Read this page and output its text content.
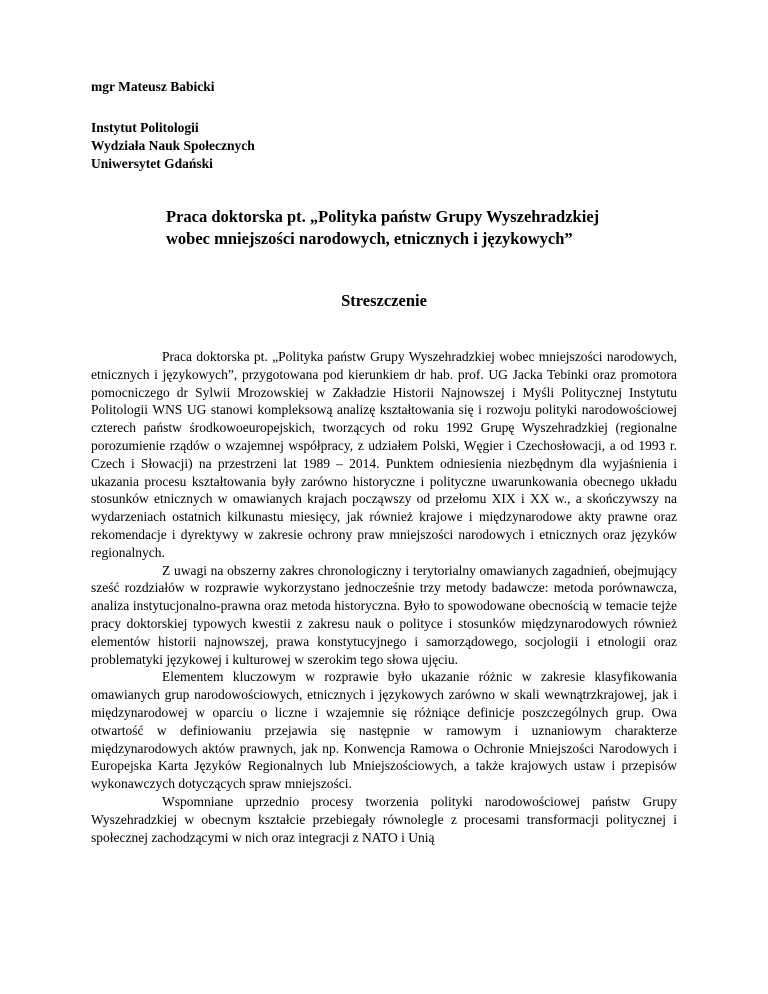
mgr Mateusz Babicki
Instytut Politologii
Wydziała Nauk Społecznych
Uniwersytet Gdański
Praca doktorska pt. „Polityka państw Grupy Wyszehradzkiej
wobec mniejszości narodowych, etnicznych i językowych”
Streszczenie

Praca doktorska pt. „Polityka państw Grupy Wyszehradzkiej wobec mniejszości narodowych, etnicznych i językowych”, przygotowana pod kierunkiem dr hab. prof. UG Jacka Tebinki oraz promotora pomocniczego dr Sylwii Mrozowskiej w Zakładzie Historii Najnowszej i Myśli Politycznej Instytutu Politologii WNS UG stanowi kompleksową analizę kształtowania się i rozwoju polityki narodowościowej czterech państw środkowoeuropejskich, tworzących od roku 1992 Grupę Wyszehradzkiej (regionalne porozumienie rządów o wzajemnej współpracy, z udziałem Polski, Węgier i Czechosłowacji, a od 1993 r. Czech i Słowacji) na przestrzeni lat 1989 – 2014. Punktem odniesienia niezbędnym dla wyjaśnienia i ukazania procesu kształtowania były zarówno historyczne i polityczne uwarunkowania obecnego układu stosunków etnicznych w omawianych krajach począwszy od przełomu XIX i XX w., a skończywszy na wydarzeniach ostatnich kilkunastu miesięcy, jak również krajowe i międzynarodowe akty prawne oraz rekomendacje i dyrektywy w zakresie ochrony praw mniejszości narodowych i etnicznych oraz języków regionalnych.

Z uwagi na obszerny zakres chronologiczny i terytorialny omawianych zagadnień, obejmujący sześć rozdziałów w rozprawie wykorzystano jednocześnie trzy metody badawcze: metoda porównawcza, analiza instytucjonalno-prawna oraz metoda historyczna. Było to spowodowane obecnością w temacie tejże pracy doktorskiej typowych kwestii z zakresu nauk o polityce i stosunków międzynarodowych również elementów historii najnowszej, prawa konstytucyjnego i samorządowego, socjologii i etnologii oraz problematyki językowej i kulturowej w szerokim tego słowa ujęciu.

Elementem kluczowym w rozprawie było ukazanie różnic w zakresie klasyfikowania omawianych grup narodowościowych, etnicznych i językowych zarówno w skali wewnątrzkrajowej, jak i międzynarodowej w oparciu o liczne i wzajemnie się różniące definicje poszczególnych grup. Owa otwartość w definiowaniu przejawia się następnie w ramowym i uznaniowym charakterze międzynarodowych aktów prawnych, jak np. Konwencja Ramowa o Ochronie Mniejszości Narodowych i Europejska Karta Języków Regionalnych lub Mniejszościowych, a także krajowych ustaw i przepisów wykonawczych dotyczących spraw mniejszości.

Wspomniane uprzednio procesy tworzenia polityki narodowościowej państw Grupy Wyszehradzkiej w obecnym kształcie przebiegały równolegle z procesami transformacji politycznej i społecznej zachodzącymi w nich oraz integracji z NATO i Unią
